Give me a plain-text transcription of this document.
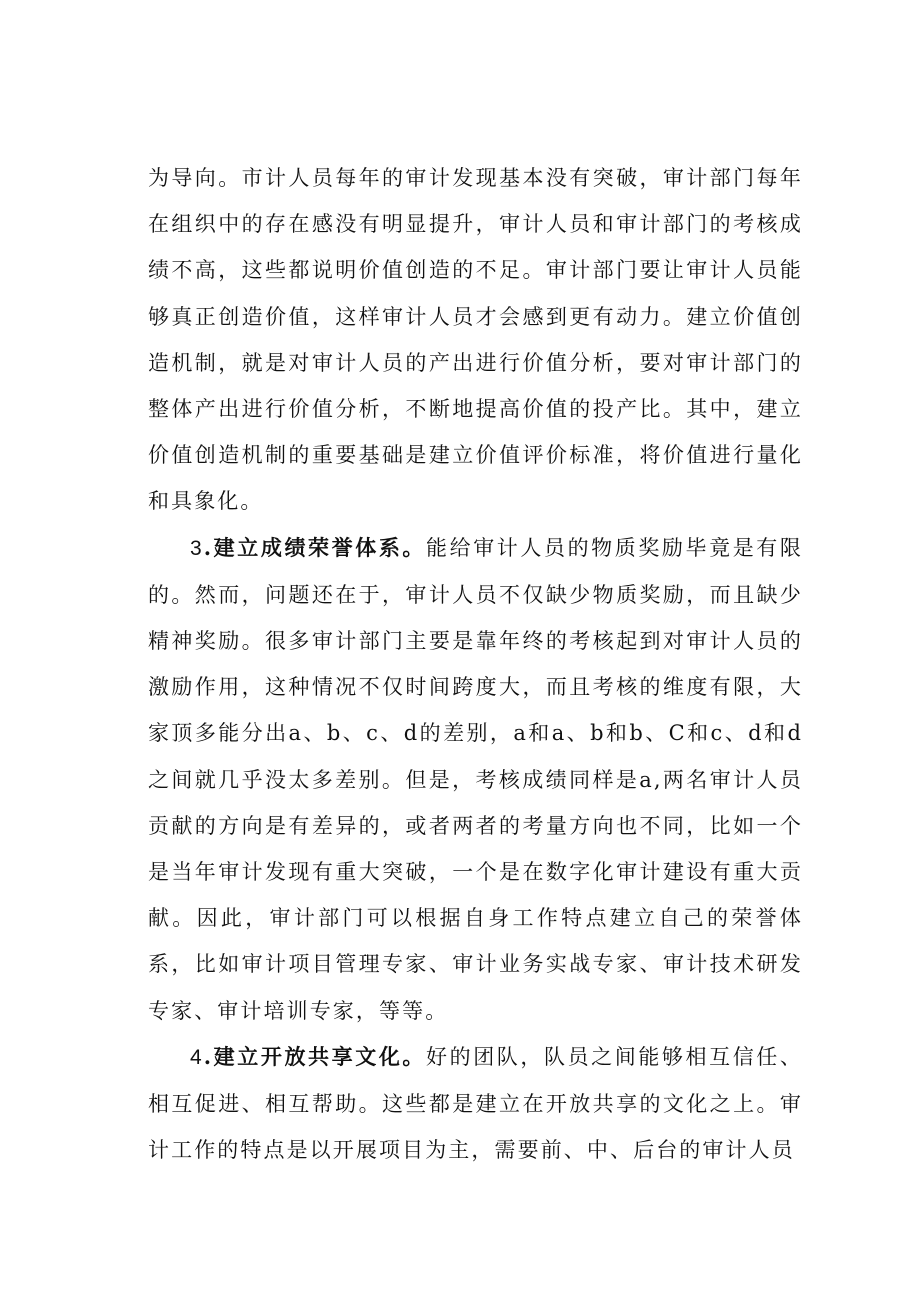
为导向。市计人员每年的审计发现基本没有突破，审计部门每年在组织中的存在感没有明显提升，审计人员和审计部门的考核成绩不高，这些都说明价值创造的不足。审计部门要让审计人员能够真正创造价值，这样审计人员才会感到更有动力。建立价值创造机制，就是对审计人员的产出进行价值分析，要对审计部门的整体产出进行价值分析，不断地提高价值的投产比。其中，建立价值创造机制的重要基础是建立价值评价标准，将价值进行量化和具象化。

3.建立成绩荣誉体系。能给审计人员的物质奖励毕竟是有限的。然而，问题还在于，审计人员不仅缺少物质奖励，而且缺少精神奖励。很多审计部门主要是靠年终的考核起到对审计人员的激励作用，这种情况不仅时间跨度大，而且考核的维度有限，大家顶多能分出a、b、c、d的差别，a和a、b和b、C和c、d和d之间就几乎没太多差别。但是，考核成绩同样是a,两名审计人员贡献的方向是有差异的，或者两者的考量方向也不同，比如一个是当年审计发现有重大突破，一个是在数字化审计建设有重大贡献。因此，审计部门可以根据自身工作特点建立自己的荣誉体系，比如审计项目管理专家、审计业务实战专家、审计技术研发专家、审计培训专家，等等。

4.建立开放共享文化。好的团队，队员之间能够相互信任、相互促进、相互帮助。这些都是建立在开放共享的文化之上。审计工作的特点是以开展项目为主，需要前、中、后台的审计人员
